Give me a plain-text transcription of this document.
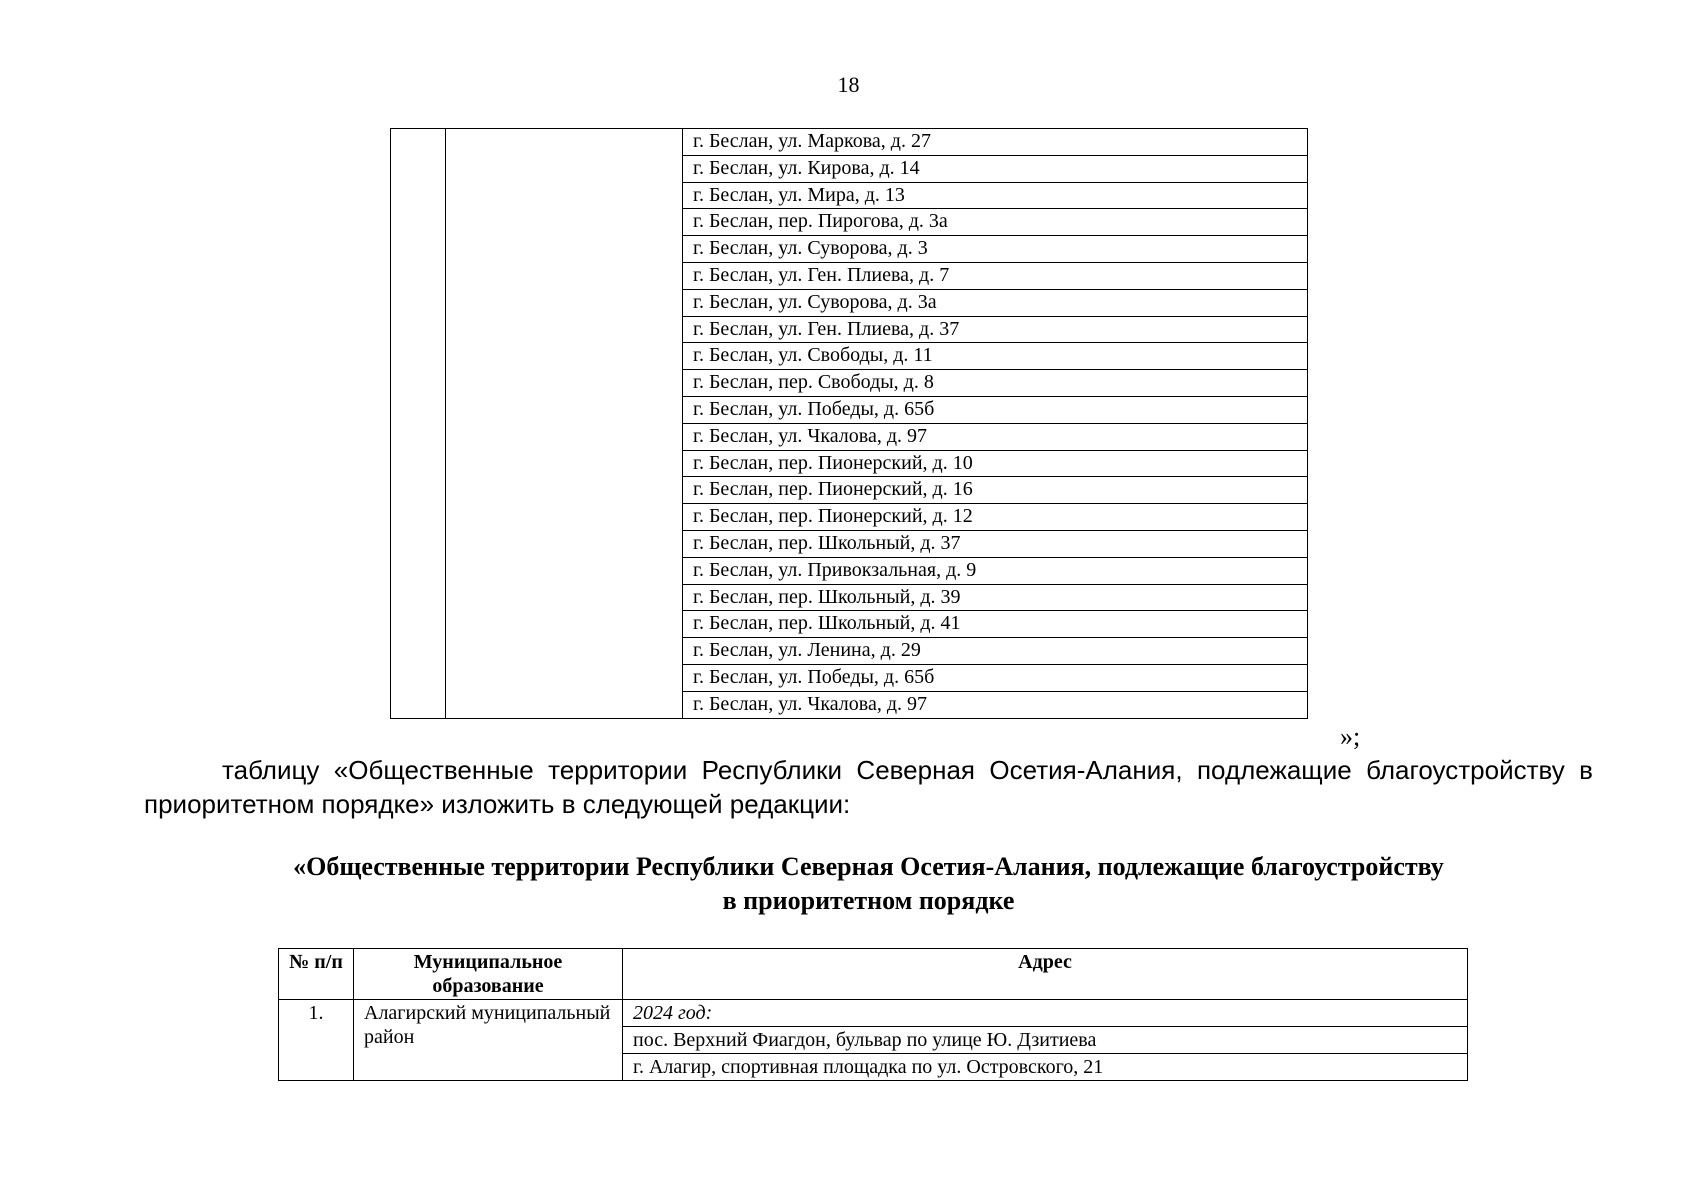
18
		г. Беслан, ул. Маркова, д. 27
г. Беслан, ул. Кирова, д. 14
г. Беслан, ул. Мира, д. 13
г. Беслан, пер. Пирогова, д. 3а
г. Беслан, ул. Суворова, д. 3
г. Беслан, ул. Ген. Плиева, д. 7
г. Беслан, ул. Суворова, д. 3а
г. Беслан, ул. Ген. Плиева, д. 37
г. Беслан, ул. Свободы, д. 11
г. Беслан, пер. Свободы, д. 8
г. Беслан, ул. Победы, д. 65б
г. Беслан, ул. Чкалова, д. 97
г. Беслан, пер. Пионерский, д. 10
г. Беслан, пер. Пионерский, д. 16
г. Беслан, пер. Пионерский, д. 12
г. Беслан, пер. Школьный, д. 37
г. Беслан, ул. Привокзальная, д. 9
г. Беслан, пер. Школьный, д. 39
г. Беслан, пер. Школьный, д. 41
г. Беслан, ул. Ленина, д. 29
г. Беслан, ул. Победы, д. 65б
г. Беслан, ул. Чкалова, д. 97
»;
таблицу «Общественные территории Республики Северная Осетия-Алания, подлежащие благоустройству в приоритетном порядке» изложить в следующей редакции:
«Общественные территории Республики Северная Осетия-Алания, подлежащие благоустройству
в приоритетном порядке
№ п/п	Муниципальное образование	Адрес
1.	Алагирский муниципальный район	2024 год:
		пос. Верхний Фиагдон, бульвар по улице Ю. Дзитиева
		г. Алагир, спортивная площадка по ул. Островского, 21
